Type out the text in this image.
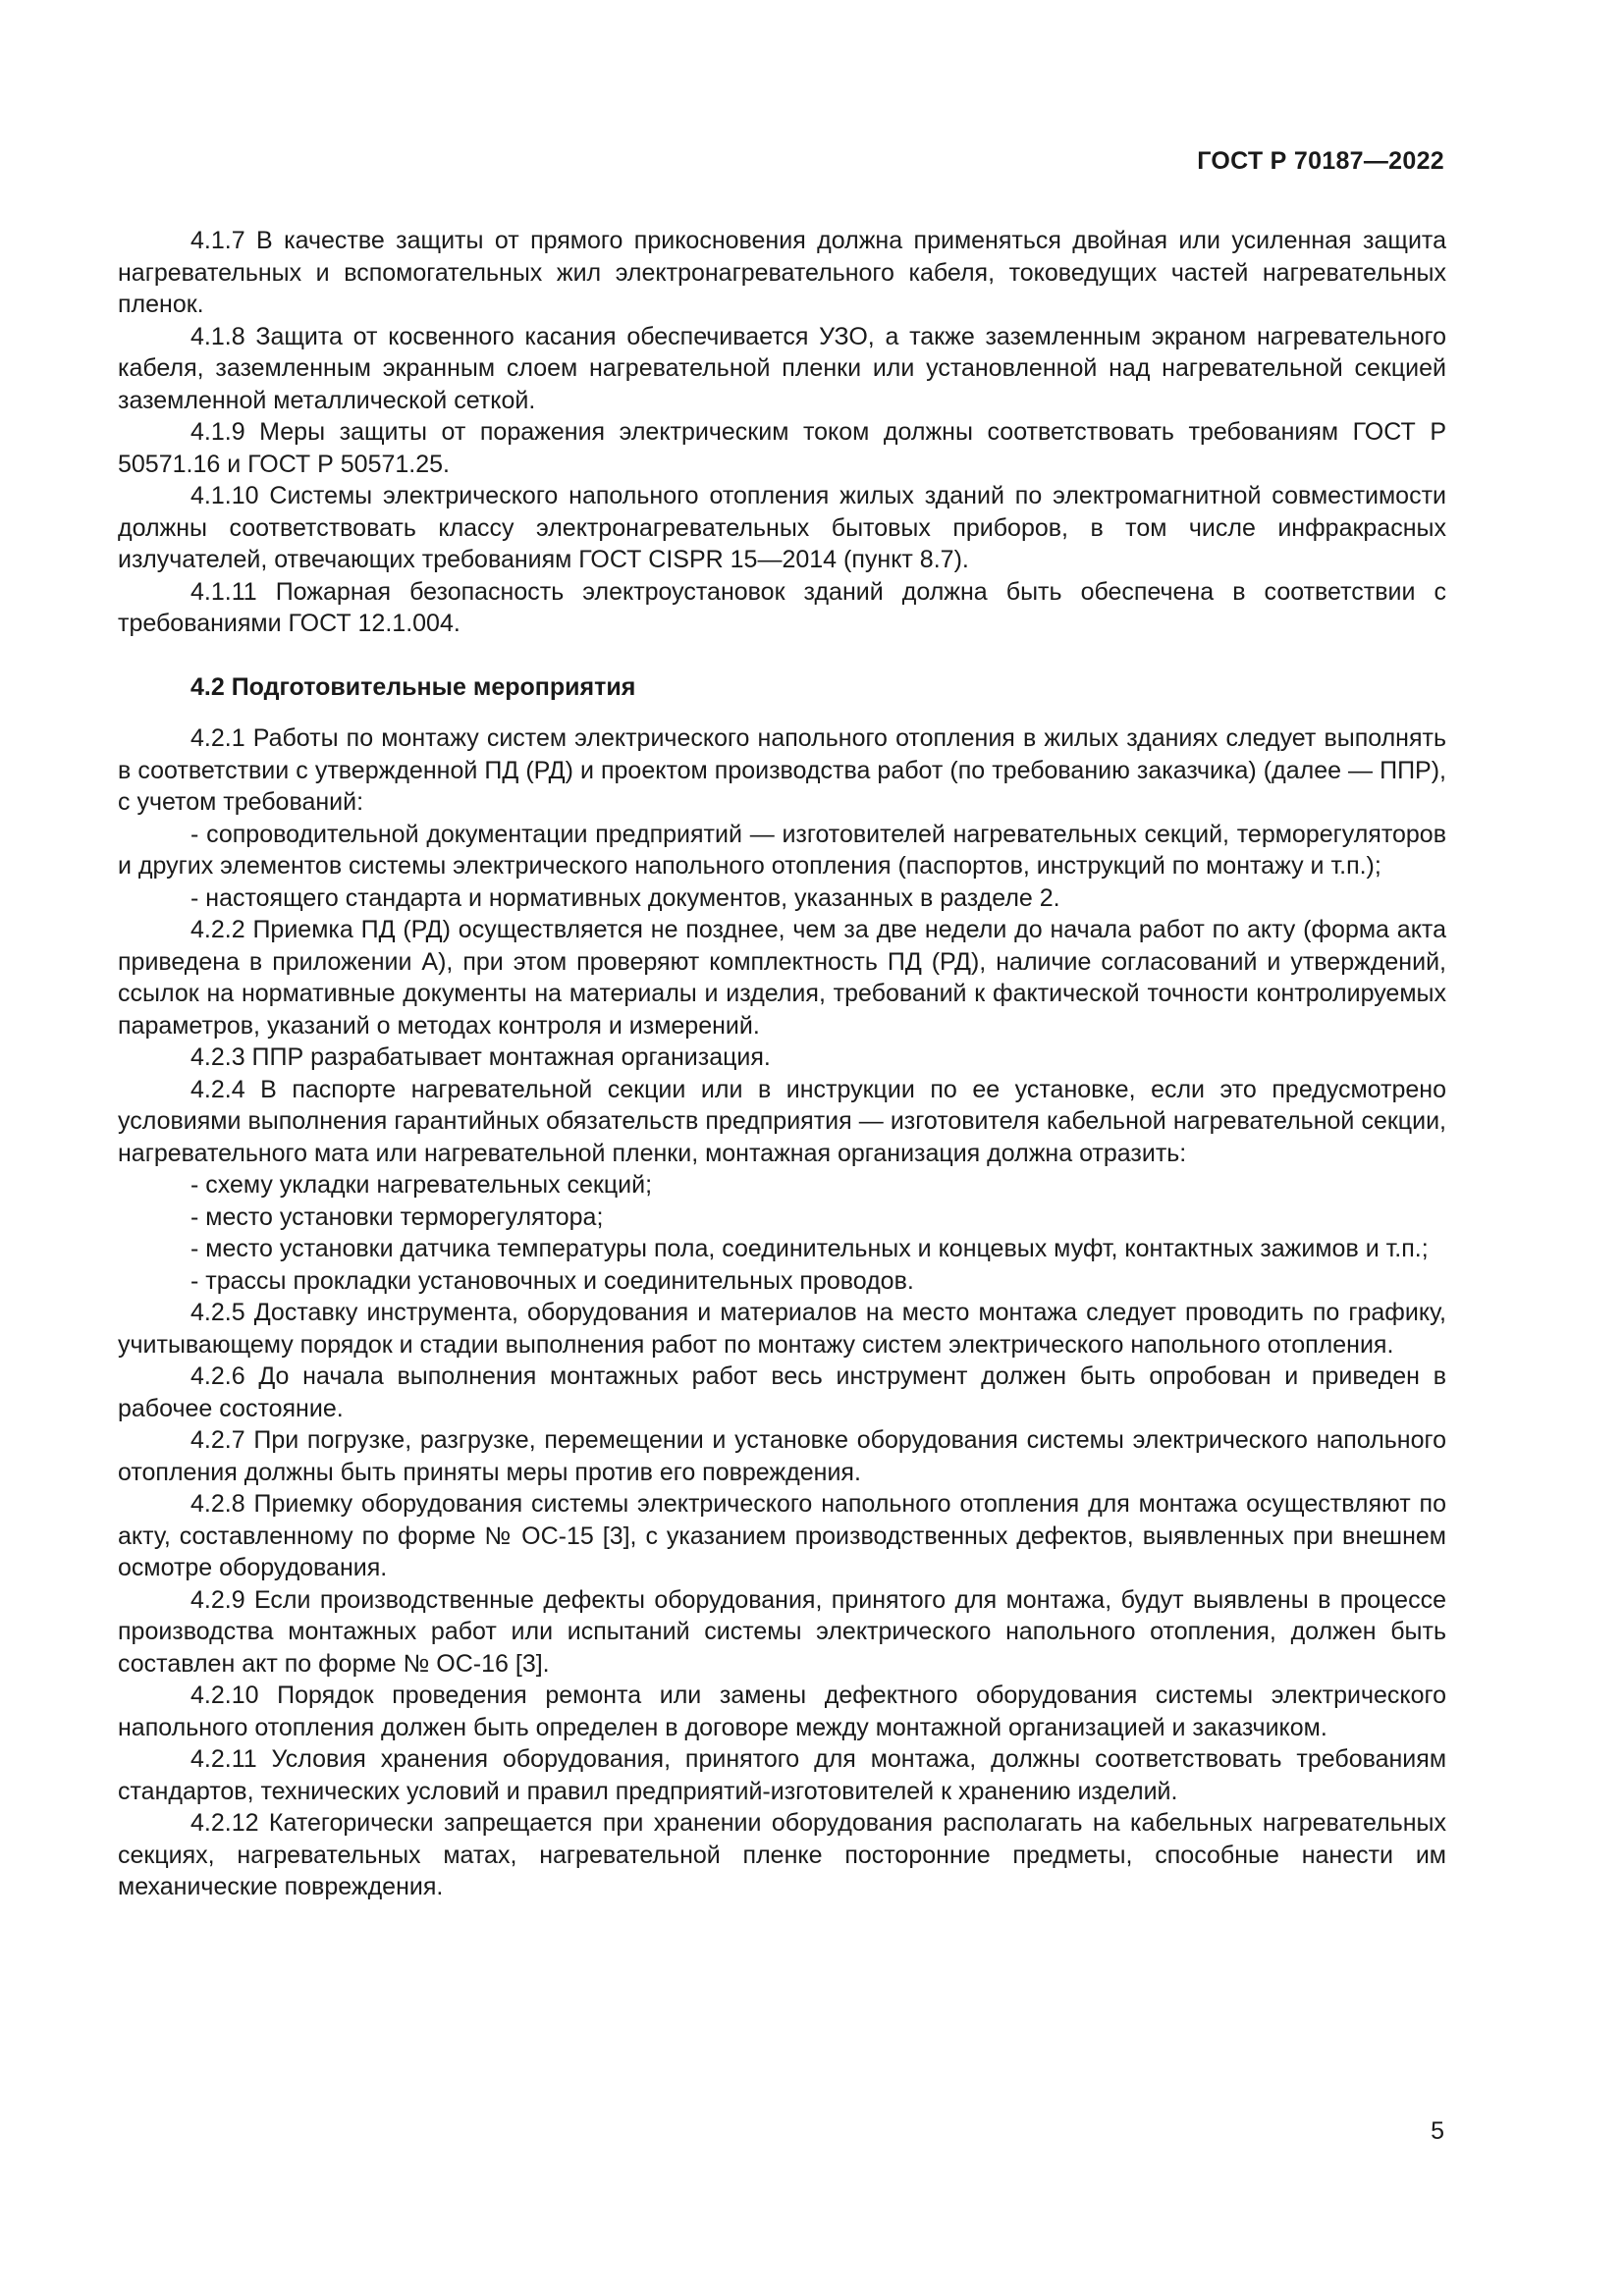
ГОСТ Р 70187—2022

4.1.7 В качестве защиты от прямого прикосновения должна применяться двойная или усиленная защита нагревательных и вспомогательных жил электронагревательного кабеля, токоведущих частей нагревательных пленок.

4.1.8 Защита от косвенного касания обеспечивается УЗО, а также заземленным экраном нагревательного кабеля, заземленным экранным слоем нагревательной пленки или установленной над нагревательной секцией заземленной металлической сеткой.

4.1.9 Меры защиты от поражения электрическим током должны соответствовать требованиям ГОСТ Р 50571.16 и ГОСТ Р 50571.25.

4.1.10 Системы электрического напольного отопления жилых зданий по электромагнитной совместимости должны соответствовать классу электронагревательных бытовых приборов, в том числе инфракрасных излучателей, отвечающих требованиям ГОСТ CISPR 15—2014 (пункт 8.7).

4.1.11 Пожарная безопасность электроустановок зданий должна быть обеспечена в соответствии с требованиями ГОСТ 12.1.004.

4.2 Подготовительные мероприятия

4.2.1 Работы по монтажу систем электрического напольного отопления в жилых зданиях следует выполнять в соответствии с утвержденной ПД (РД) и проектом производства работ (по требованию заказчика) (далее — ППР), с учетом требований:

- сопроводительной документации предприятий — изготовителей нагревательных секций, терморегуляторов и других элементов системы электрического напольного отопления (паспортов, инструкций по монтажу и т.п.);

- настоящего стандарта и нормативных документов, указанных в разделе 2.

4.2.2 Приемка ПД (РД) осуществляется не позднее, чем за две недели до начала работ по акту (форма акта приведена в приложении А), при этом проверяют комплектность ПД (РД), наличие согласований и утверждений, ссылок на нормативные документы на материалы и изделия, требований к фактической точности контролируемых параметров, указаний о методах контроля и измерений.

4.2.3 ППР разрабатывает монтажная организация.

4.2.4 В паспорте нагревательной секции или в инструкции по ее установке, если это предусмотрено условиями выполнения гарантийных обязательств предприятия — изготовителя кабельной нагревательной секции, нагревательного мата или нагревательной пленки, монтажная организация должна отразить:

- схему укладки нагревательных секций;

- место установки терморегулятора;

- место установки датчика температуры пола, соединительных и концевых муфт, контактных зажимов и т.п.;

- трассы прокладки установочных и соединительных проводов.

4.2.5 Доставку инструмента, оборудования и материалов на место монтажа следует проводить по графику, учитывающему порядок и стадии выполнения работ по монтажу систем электрического напольного отопления.

4.2.6 До начала выполнения монтажных работ весь инструмент должен быть опробован и приведен в рабочее состояние.

4.2.7 При погрузке, разгрузке, перемещении и установке оборудования системы электрического напольного отопления должны быть приняты меры против его повреждения.

4.2.8 Приемку оборудования системы электрического напольного отопления для монтажа осуществляют по акту, составленному по форме № ОС-15 [3], с указанием производственных дефектов, выявленных при внешнем осмотре оборудования.

4.2.9 Если производственные дефекты оборудования, принятого для монтажа, будут выявлены в процессе производства монтажных работ или испытаний системы электрического напольного отопления, должен быть составлен акт по форме № ОС-16 [3].

4.2.10 Порядок проведения ремонта или замены дефектного оборудования системы электрического напольного отопления должен быть определен в договоре между монтажной организацией и заказчиком.

4.2.11 Условия хранения оборудования, принятого для монтажа, должны соответствовать требованиям стандартов, технических условий и правил предприятий-изготовителей к хранению изделий.

4.2.12 Категорически запрещается при хранении оборудования располагать на кабельных нагревательных секциях, нагревательных матах, нагревательной пленке посторонние предметы, способные нанести им механические повреждения.

5
